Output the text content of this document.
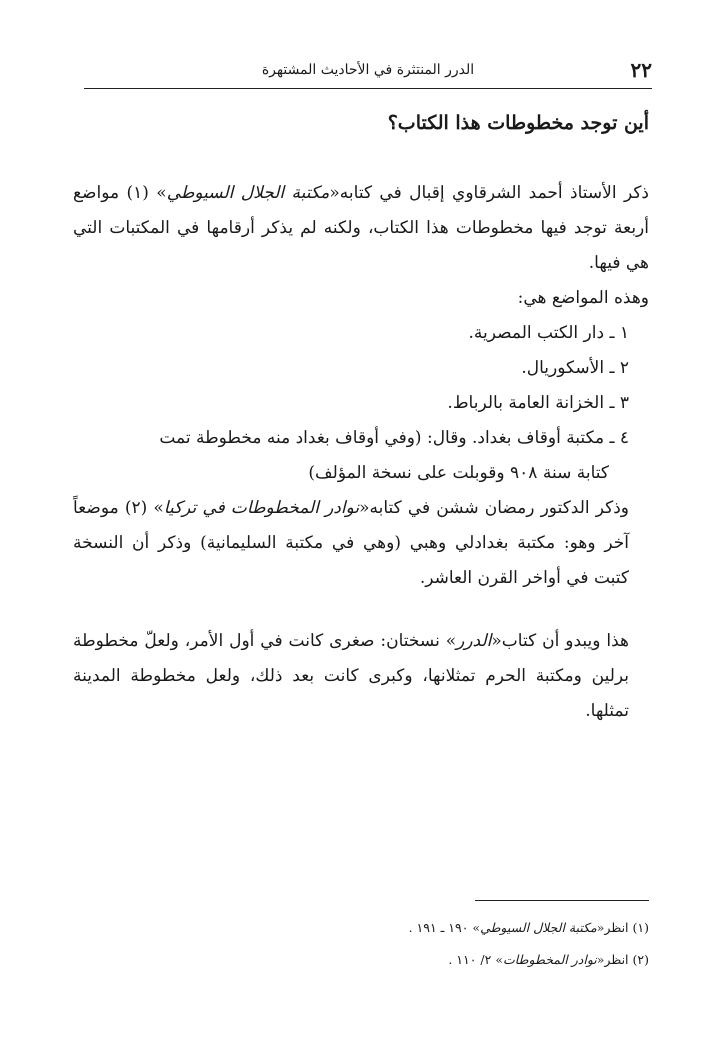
٢٢
الدرر المنتثرة في الأحاديث المشتهرة
أين توجد مخطوطات هذا الكتاب؟

ذكر الأستاذ أحمد الشرقاوي إقبال في كتابه«مكتبة الجلال السيوطي» (١) مواضع أربعة توجد فيها مخطوطات هذا الكتاب، ولكنه لم يذكر أرقامها في المكتبات التي هي فيها.

وهذه المواضع هي:

١ ـ دار الكتب المصرية.

٢ ـ الأسكوريال.

٣ ـ الخزانة العامة بالرباط.

٤ ـ مكتبة أوقاف بغداد. وقال: (وفي أوقاف بغداد منه مخطوطة تمت

كتابة سنة ٩٠٨ وقوبلت على نسخة المؤلف)

وذكر الدكتور رمضان ششن في كتابه«نوادر المخطوطات في تركيا» (٢) موضعاً آخر وهو: مكتبة بغدادلي وهبي (وهي في مكتبة السليمانية) وذكر أن النسخة كتبت في أواخر القرن العاشر.

هذا ويبدو أن كتاب«الدرر» نسختان: صغرى كانت في أول الأمر، ولعلّ مخطوطة برلين ومكتبة الحرم تمثلانها، وكبرى كانت بعد ذلك، ولعل مخطوطة المدينة تمثلها.

(١) انظر«مكتبة الجلال السيوطي» ١٩٠ ـ ١٩١ .

(٢) انظر«نوادر المخطوطات» ٢/ ١١٠ .
